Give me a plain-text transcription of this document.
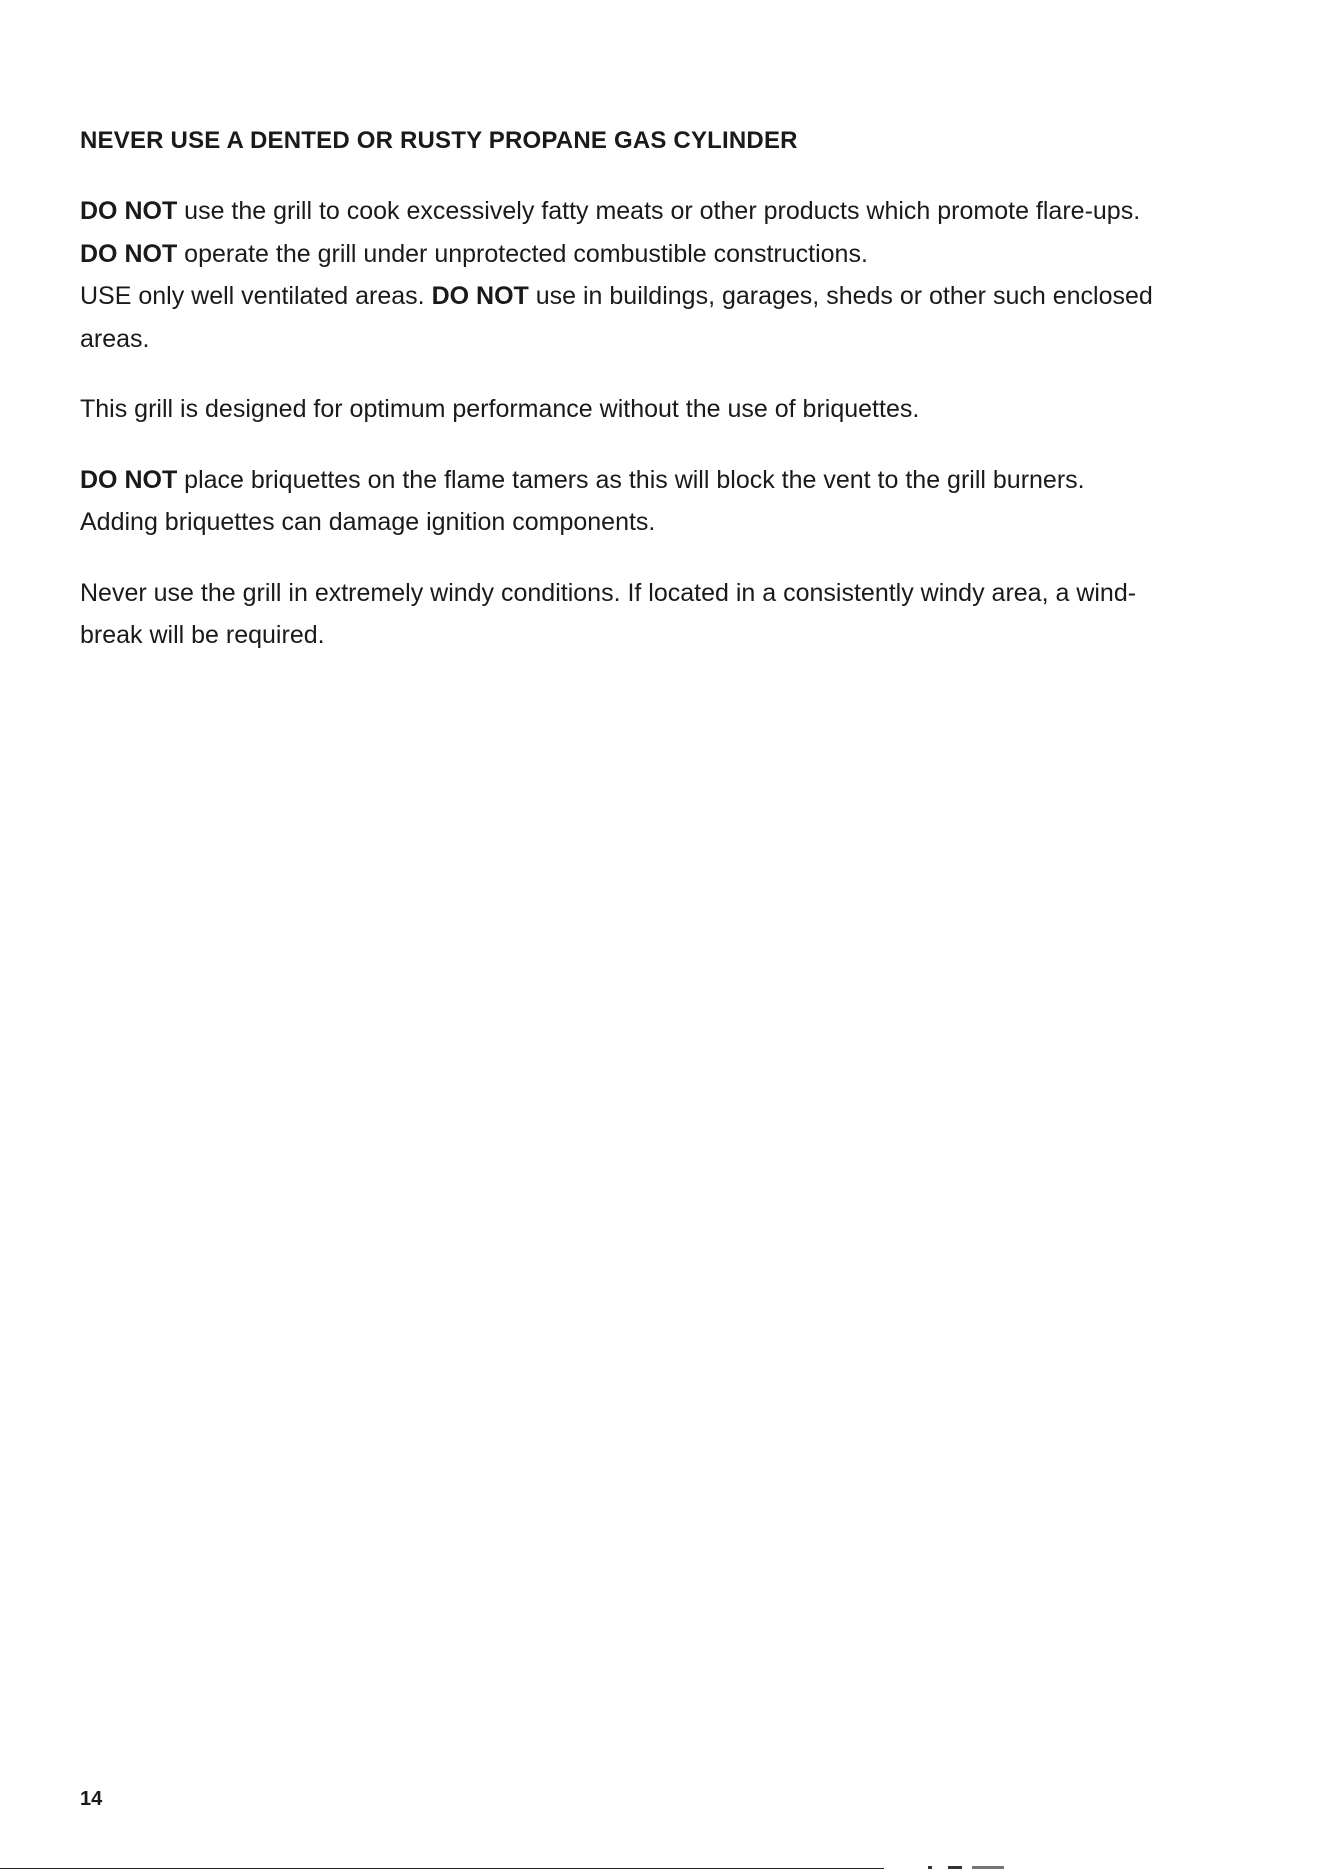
NEVER USE A DENTED OR RUSTY PROPANE GAS CYLINDER
DO NOT use the grill to cook excessively fatty meats or other products which promote flare-ups.
DO NOT operate the grill under unprotected combustible constructions.
USE only well ventilated areas. DO NOT use in buildings, garages, sheds or other such enclosed
areas.
This grill is designed for optimum performance without the use of briquettes.
DO NOT place briquettes on the flame tamers as this will block the vent to the grill burners.
Adding briquettes can damage ignition components.
Never use the grill in extremely windy conditions. If located in a consistently windy area, a wind-
break will be required.
14
